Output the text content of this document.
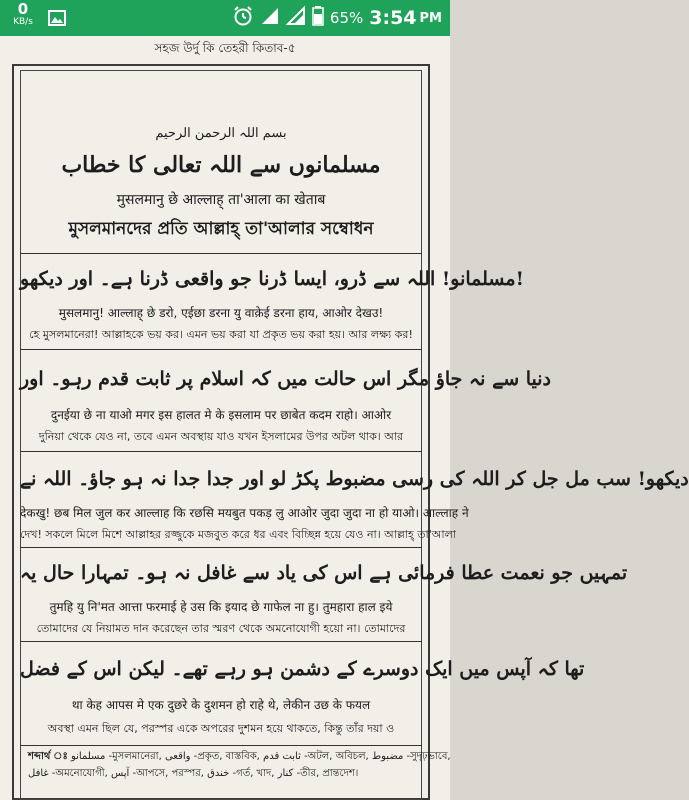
0
KB/s	65% 3:54 PM
সহজ উর্দু কি তেহরী কিতাব-৫
بسم اللہ الرحمن الرحیم
مسلمانوں سے اللہ تعالی کا خطاب
मुसलमानु छे आल्लाह् ता'आला का खेताब
মুসলমানদের প্রতি আল্লাহ্ তা'আলার সম্বোধন
مسلمانو! اللہ سے ڈرو، ایسا ڈرنا جو واقعی ڈرنا ہے۔ اور دیکھو!
मुसलमानु! आल्लाह् छे डरो, एईछा डरना यु वाक़ेई डरना हाय, आओर देखउ!
হে মুসলমানেরা! আল্লাহকে ভয় কর। এমন ভয় করা যা প্রকৃত ভয় করা হয়। আর লক্ষ্য কর!
دنیا سے نہ جاؤ مگر اس حالت میں کہ اسلام پر ثابت قدم رہو۔ اور
दुनईया छे ना याओ मगर इस हालत मे के इसलाम पर छाबेत कदम राहो। आओर
দুনিয়া থেকে যেও না, তবে এমন অবস্থায় যাও যখন ইসলামের উপর অটল থাক। আর
دیکھو! سب مل جل کر اللہ کی رسی مضبوط پکڑ لو اور جدا جدا نہ ہو جاؤ۔ اللہ نے
देकखु! छब मिल जुल कर आल्लाह कि रछसि मयबुत पकड़ लु आओर जुदा जुदा ना हो याओ। आल्लाह ने
দেখ! সকলে মিলে মিশে আল্লাহর রজ্জুকে মজবুত করে ধর এবং বিচ্ছিন্ন হয়ে যেও না। আল্লাহ্ তা'আলা
تمہیں جو نعمت عطا فرمائی ہے اس کی یاد سے غافل نہ ہو۔ تمہارا حال یہ
तुमहि यु नि'मत आत्ता फरमाई हे उस कि इयाद छे गाफेल ना हु। तुमहारा हाल इये
তোমাদের যে নিয়ামত দান করেছেন তার স্মরণ থেকে অমনোযোগী হয়ো না। তোমাদের
تھا کہ آپس میں ایک دوسرے کے دشمن ہو رہے تھے۔ لیکن اس کے فضل
था केह आपस मे एक दुछरे के दुशमन हो राहे थे, लेकीन उछ के फयल
অবস্থা এমন ছিল যে, পরস্পর একে অপরের দুশমন হয়ে থাকতে, কিন্তু তাঁর দয়া ও
শব্দার্থ ঃ مسلمانو -মুসলমানেরা, واقعی -প্রকৃত, বাস্তবিক, ثابت قدم -অটল, অবিচল, مضبوط -সুদৃঢ়ভাবে,
غافل -অমনোযোগী, آپس -আপসে, পরস্পর, خندق -গর্ত, খাদ, کنار -তীর, প্রান্তদেশ।
